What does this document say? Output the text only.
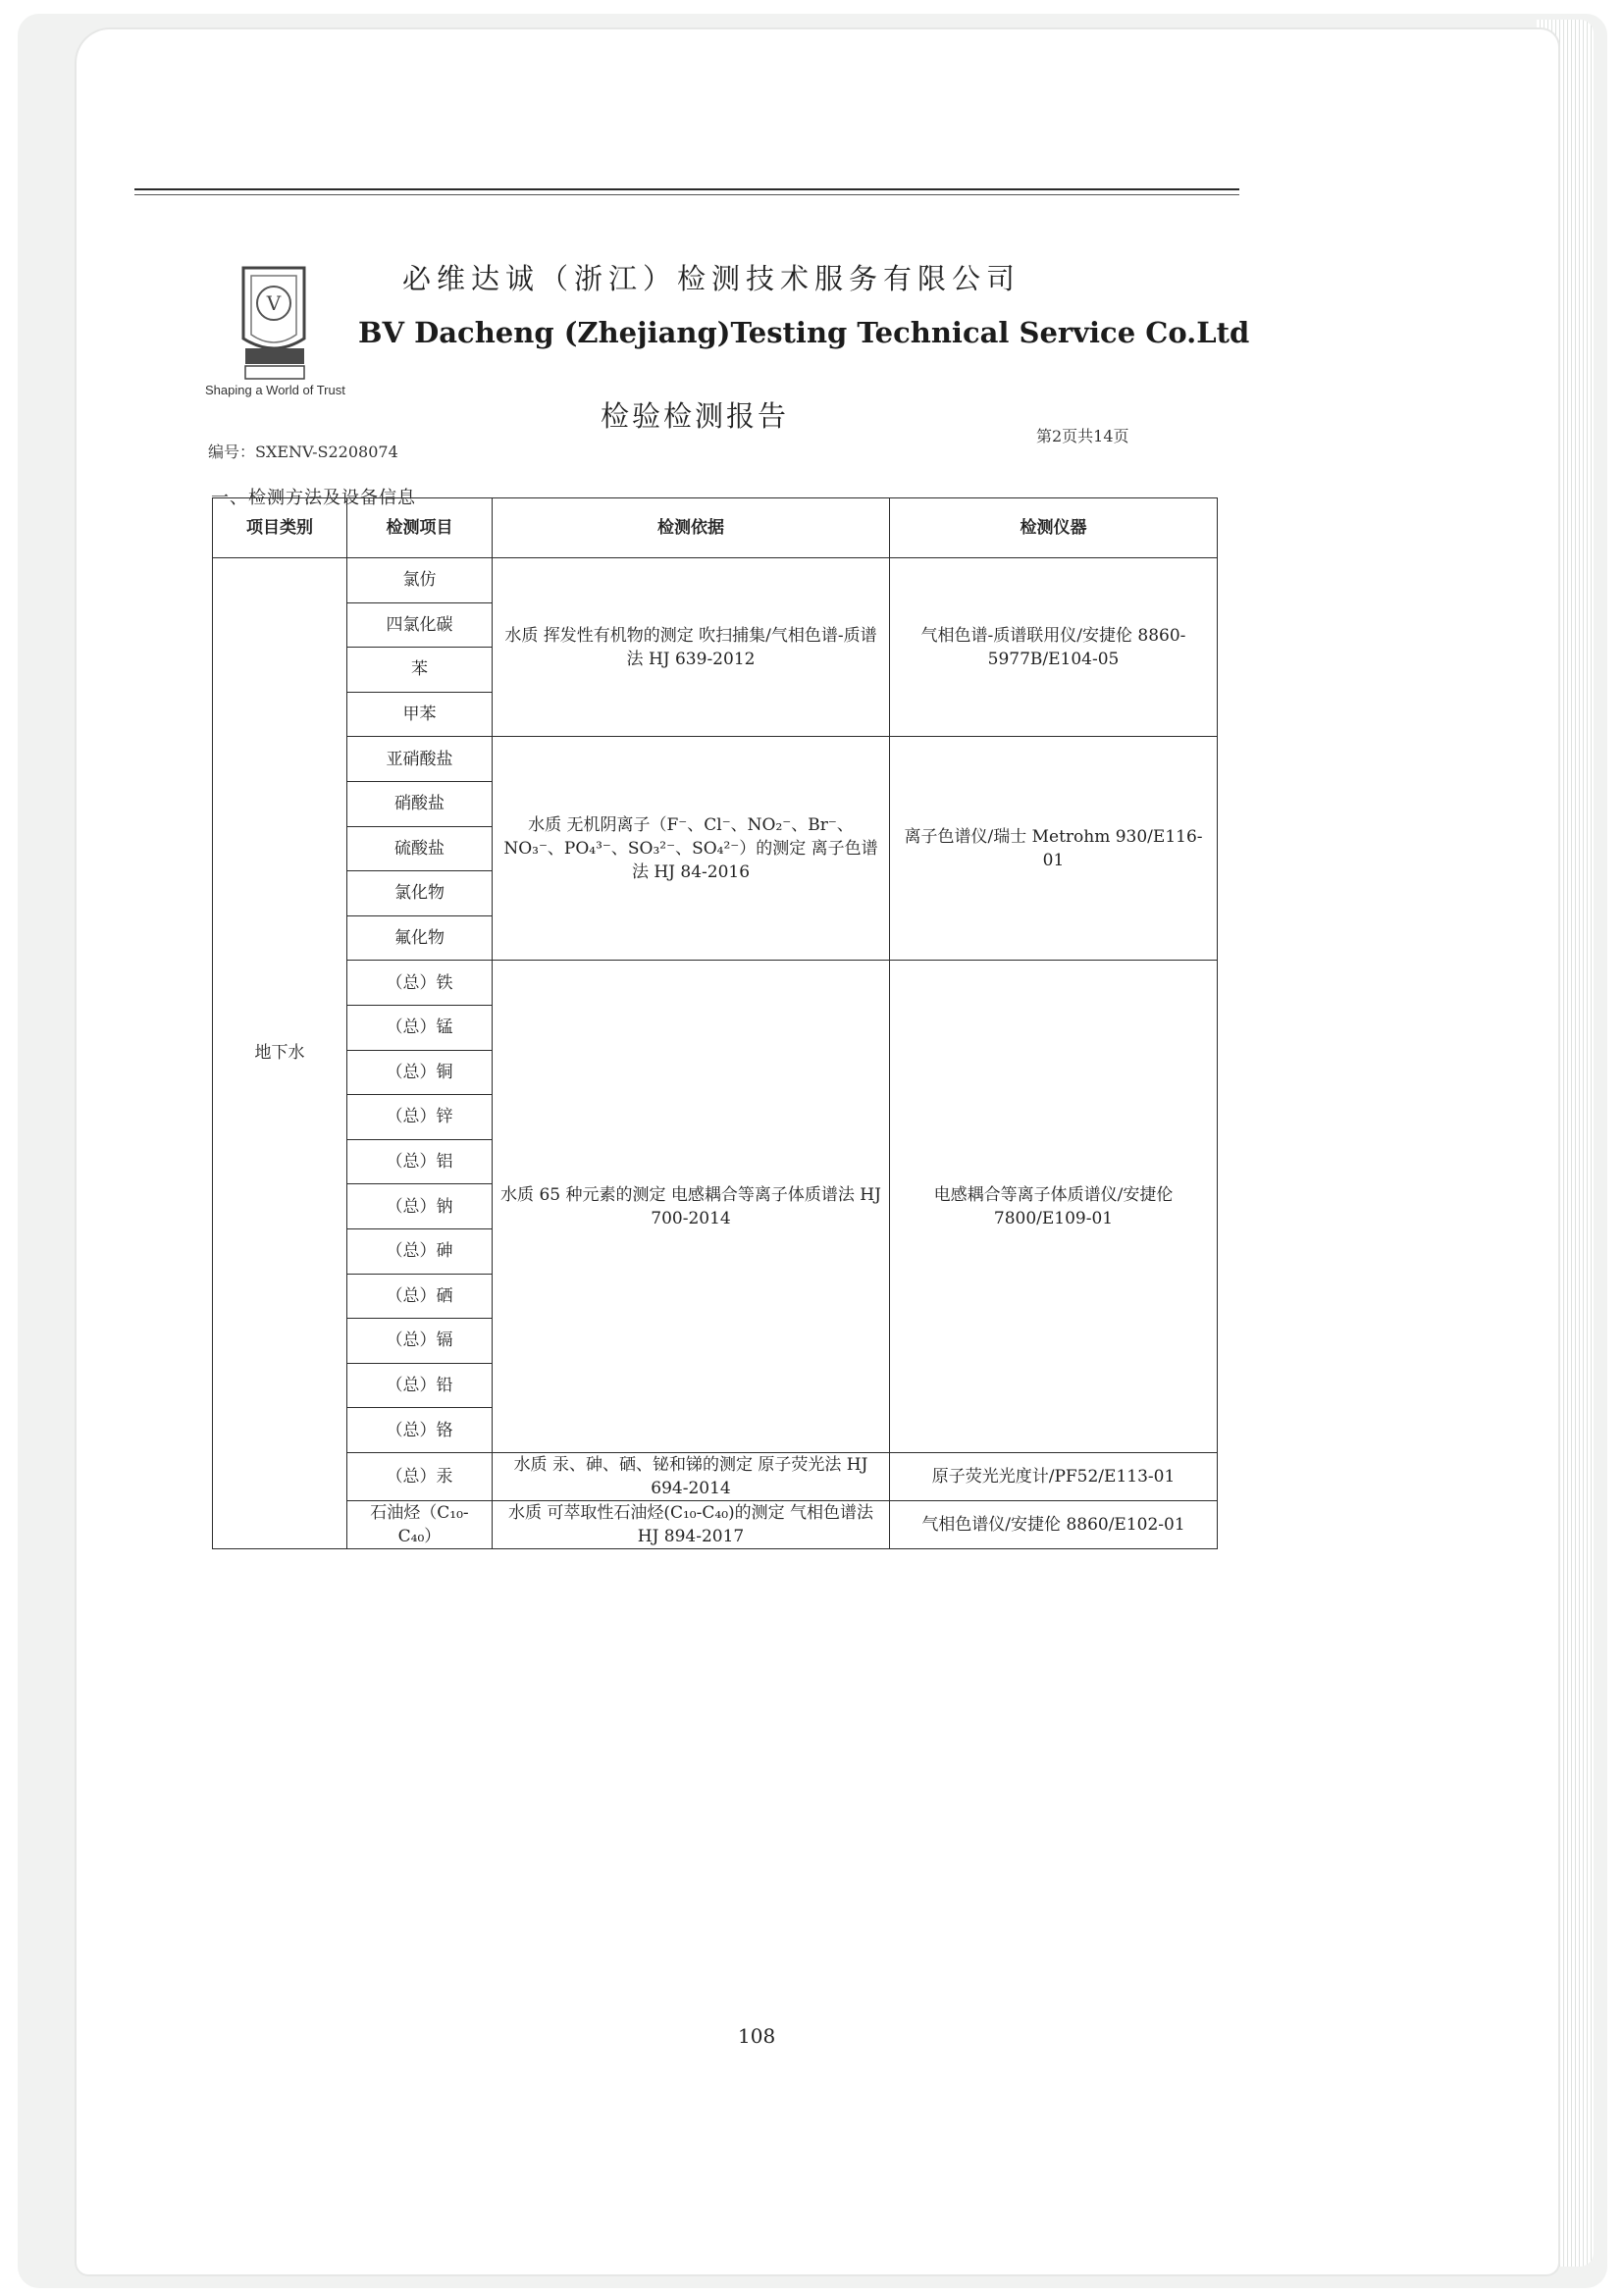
V
Shaping a World of Trust
必维达诚（浙江）检测技术服务有限公司
BV Dacheng (Zhejiang)Testing Technical Service Co.Ltd
检验检测报告
编号：SXENV-S2208074
第2页共14页
一、检测方法及设备信息
项目类别	检测项目	检测依据	检测仪器
地下水	氯仿	水质 挥发性有机物的测定 吹扫捕集/气相色谱-质谱法 HJ 639-2012	气相色谱-质谱联用仪/安捷伦 8860-5977B/E104-05
	四氯化碳		
	苯		
	甲苯		
	亚硝酸盐	水质 无机阴离子（F⁻、Cl⁻、NO₂⁻、Br⁻、NO₃⁻、PO₄³⁻、SO₃²⁻、SO₄²⁻）的测定 离子色谱法 HJ 84-2016	离子色谱仪/瑞士 Metrohm 930/E116-01
	硝酸盐		
	硫酸盐		
	氯化物		
	氟化物		
	（总）铁	水质 65 种元素的测定 电感耦合等离子体质谱法 HJ 700-2014	电感耦合等离子体质谱仪/安捷伦 7800/E109-01
	（总）锰		
	（总）铜		
	（总）锌		
	（总）铝		
	（总）钠		
	（总）砷		
	（总）硒		
	（总）镉		
	（总）铅		
	（总）铬		
	（总）汞	水质 汞、砷、硒、铋和锑的测定 原子荧光法 HJ 694-2014	原子荧光光度计/PF52/E113-01
	石油烃（C₁₀-C₄₀）	水质 可萃取性石油烃(C₁₀-C₄₀)的测定 气相色谱法 HJ 894-2017	气相色谱仪/安捷伦 8860/E102-01
108
